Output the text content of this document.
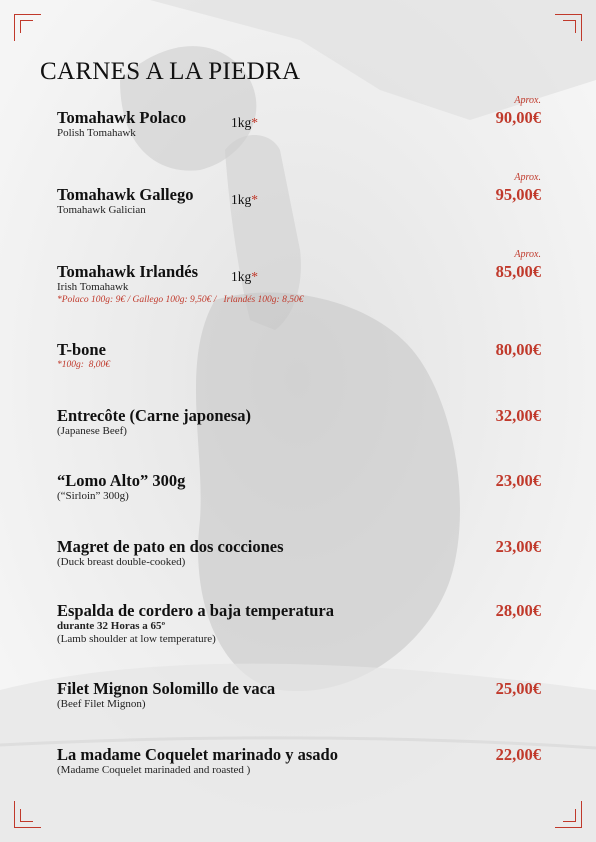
CARNES A LA PIEDRA
Tomahawk Polaco
Polish Tomahawk
1kg*
Aprox.
90,00€
Tomahawk Gallego
Tomahawk Galician
1kg*
Aprox.
95,00€
Tomahawk Irlandés
Irish Tomahawk
*Polaco 100g: 9€ / Gallego 100g: 9,50€ /   Irlandés 100g: 8,50€
1kg*
Aprox.
85,00€
T-bone
*100g:  8,00€
80,00€
Entrecôte (Carne japonesa)
(Japanese Beef)
32,00€
“Lomo Alto” 300g
(“Sirloin” 300g)
23,00€
Magret de pato en dos cocciones
(Duck breast double-cooked)
23,00€
Espalda de cordero a baja temperatura
durante 32 Horas a 65º
(Lamb shoulder at low temperature)
28,00€
Filet Mignon Solomillo de vaca
(Beef Filet Mignon)
25,00€
La madame Coquelet marinado y asado
(Madame Coquelet marinaded and roasted )
22,00€
